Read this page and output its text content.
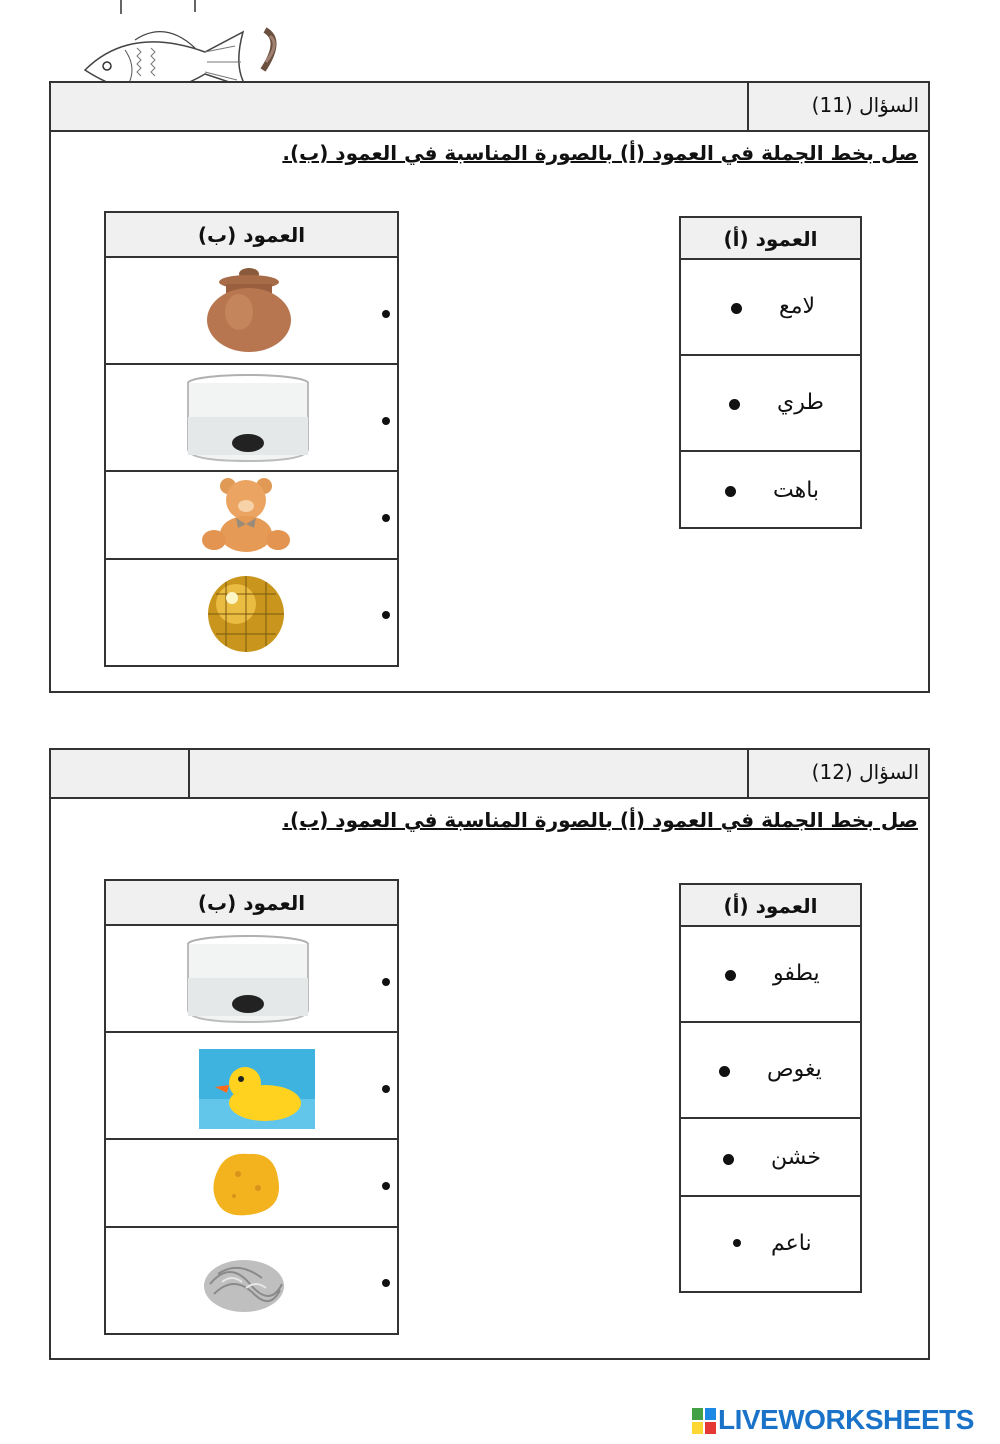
السؤال (11)
صل بخط الجملة في العمود (أ) بالصورة المناسبة في العمود (ب).
العمود (أ)
لامع
طري
باهت
العمود (ب)
السؤال (12)
صل بخط الجملة في العمود (أ) بالصورة المناسبة في العمود (ب).
العمود (أ)
يطفو
يغوص
خشن
ناعم
العمود (ب)
LIVEWORKSHEETS
